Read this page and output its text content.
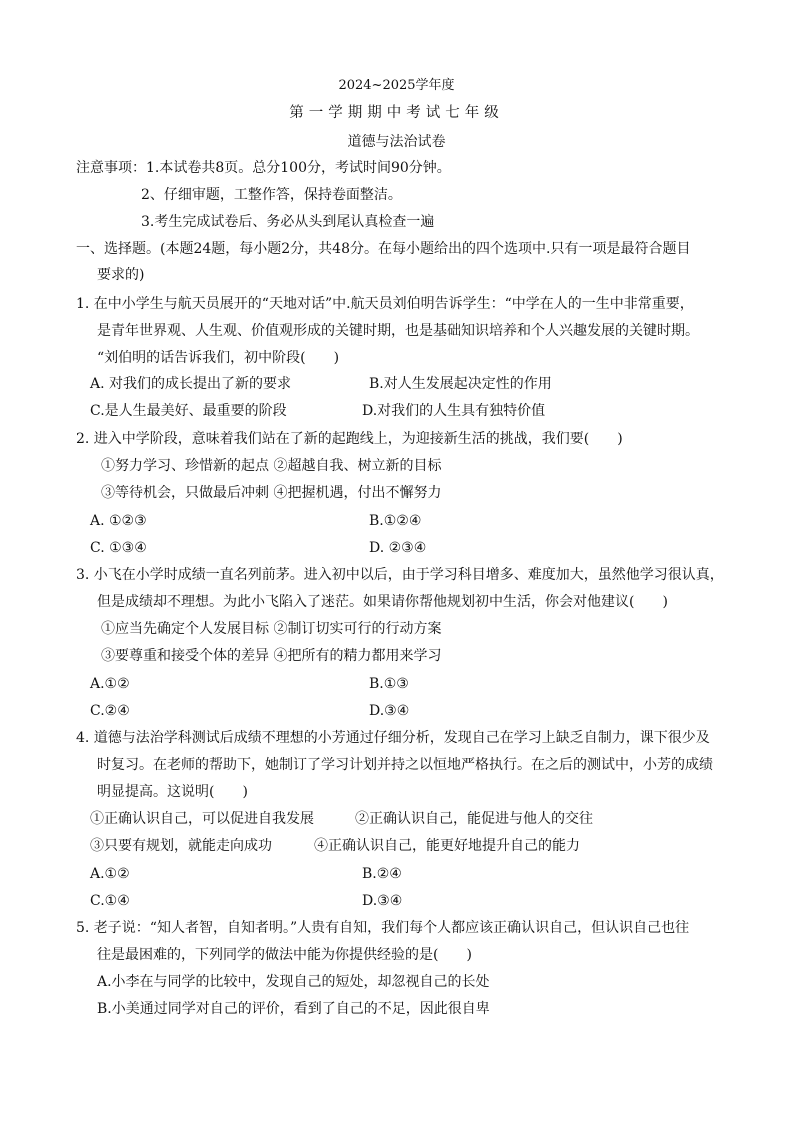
2024~2025学年度
第一学期期中考试七年级
道德与法治试卷
注意事项： 1.本试卷共8页。总分100分，考试时间90分钟。
2、仔细审题，工整作答，保持卷面整洁。
3.考生完成试卷后、务必从头到尾认真检查一遍
一、选择题。(本题24题，每小题2分，共48分。在每小题给出的四个选项中.只有一项是最符合题目
要求的)
1. 在中小学生与航天员展开的“天地对话”中.航天员刘伯明告诉学生：“中学在人的一生中非常重要，
是青年世界观、人生观、价值观形成的关键时期，也是基础知识培养和个人兴趣发展的关键时期。
“刘伯明的话告诉我们，初中阶段(　　)
A. 对我们的成长提出了新的要求	B.对人生发展起决定性的作用
C.是人生最美好、最重要的阶段	D.对我们的人生具有独特价值
2. 进入中学阶段，意味着我们站在了新的起跑线上，为迎接新生活的挑战，我们要(　　)
①努力学习、珍惜新的起点 ②超越自我、树立新的目标
③等待机会，只做最后冲刺 ④把握机遇，付出不懈努力
A. ①②③	B.①②④
C. ①③④	D. ②③④
3. 小飞在小学时成绩一直名列前茅。进入初中以后，由于学习科目增多、难度加大，虽然他学习很认真，
但是成绩却不理想。为此小飞陷入了迷茫。如果请你帮他规划初中生活，你会对他建议(　　)
①应当先确定个人发展目标 ②制订切实可行的行动方案
③要尊重和接受个体的差异 ④把所有的精力都用来学习
A.①②	B.①③
C.②④	D.③④
4. 道德与法治学科测试后成绩不理想的小芳通过仔细分析，发现自己在学习上缺乏自制力，课下很少及
时复习。在老师的帮助下，她制订了学习计划并持之以恒地严格执行。在之后的测试中，小芳的成绩
明显提高。这说明(　　)
①正确认识自己，可以促进自我发展	②正确认识自己，能促进与他人的交往
③只要有规划，就能走向成功	④正确认识自己，能更好地提升自己的能力
A.①②	B.②④
C.①④	D.③④
5. 老子说：“知人者智，自知者明。”人贵有自知，我们每个人都应该正确认识自己，但认识自己也往
往是最困难的，下列同学的做法中能为你提供经验的是(　　)
A.小李在与同学的比较中，发现自己的短处，却忽视自己的长处
B.小美通过同学对自己的评价，看到了自己的不足，因此很自卑
